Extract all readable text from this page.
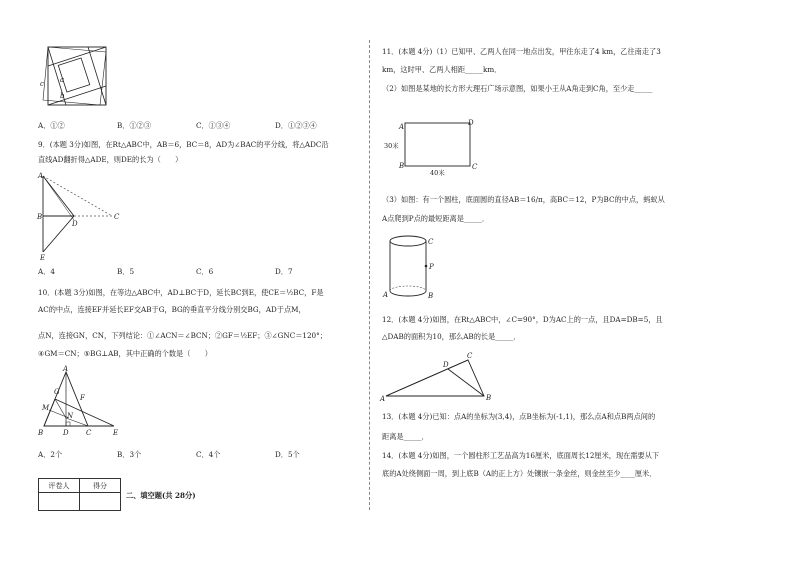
c a
b
A．①②	B．①②③	C．①③④	D．①②③④
9．(本题 3分)如图，在Rt△ABC中，AB＝6，BC＝8，AD为∠BAC的平分线，将△ADC沿
直线AD翻折得△ADE，则DE的长为（　　）
A
B	C
D
E
A．4	B．5	C．6	D．7
10．(本题 3分)如图，在等边△ABC中，AD⊥BC于D，延长BC到E，使CE＝½BC，F是
AC的中点，连接EF并延长EF交AB于G，BG的垂直平分线分别交BG，AD于点M，
点N，连接GN，CN，下列结论：①∠ACN＝∠BCN；②GF＝½EF；③∠GNC＝120°；
④GM＝CN；⑤BG⊥AB，其中正确的个数是（　　）
A
G
M
N
F
B	D C	E
A．2个	B．3个	C．4个	D．5个
评卷人	得分

二、填空题(共 28分)
11．(本题 4分)（1）已知甲、乙两人在同一地点出发，甲往东走了4 km，乙往南走了3
km，这时甲、乙两人相距_____km．
（2）如图是某地的长方形大理石广场示意图，如果小王从A角走到C角，至少走_____
A
B	C
D
30米
40米
（3）如图：有一个圆柱，底面圆的直径AB＝16/π，高BC＝12，P为BC的中点，蚂蚁从
A点爬到P点的最短距离是_____．
C
P
A	B
12．(本题 4分)如图，在Rt△ABC中，∠C=90°，D为AC上的一点，且DA=DB=5，且
△DAB的面积为10，那么AB的长是_____．
A	B
C
D
13．(本题 4分)已知：点A的坐标为(3,4)，点B坐标为(-1,1)，那么点A和点B两点间的
距离是_____．
14．(本题 4分)如图，一个圆柱形工艺品高为16厘米，底面周长12厘米，现在需要从下
底的A处绕侧面一周，到上底B（A的正上方）处镶嵌一条金丝，则金丝至少____厘米．
